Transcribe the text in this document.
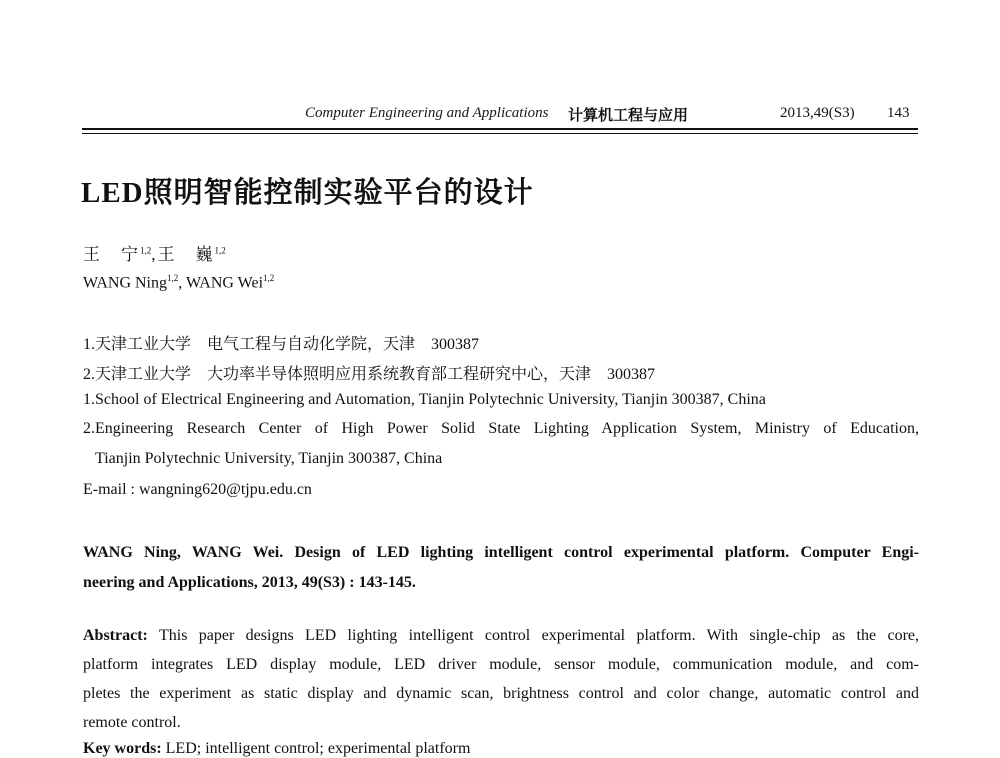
Computer Engineering and Applications 计算机工程与应用	2013,49(S3) 143
LED照明智能控制实验平台的设计
王　宁$^{1,2}$,王　巍$^{1,2}$
WANG Ning$^{1,2}$, WANG Wei$^{1,2}$
1.天津工业大学　电气工程与自动化学院，天津　300387
2.天津工业大学　大功率半导体照明应用系统教育部工程研究中心，天津　300387
1.School of Electrical Engineering and Automation, Tianjin Polytechnic University, Tianjin 300387, China
2.Engineering Research Center of High Power Solid State Lighting Application System, Ministry of Education,
Tianjin Polytechnic University, Tianjin 300387, China
E-mail : wangning620@tjpu.edu.cn
WANG Ning, WANG Wei. Design of LED lighting intelligent control experimental platform. Computer Engi-
neering and Applications, 2013, 49(S3) : 143-145.
Abstract: This paper designs LED lighting intelligent control experimental platform. With single-chip as the core,
platform integrates LED display module, LED driver module, sensor module, communication module, and com-
pletes the experiment as static display and dynamic scan, brightness control and color change, automatic control and
remote control.
Key words: LED; intelligent control; experimental platform
